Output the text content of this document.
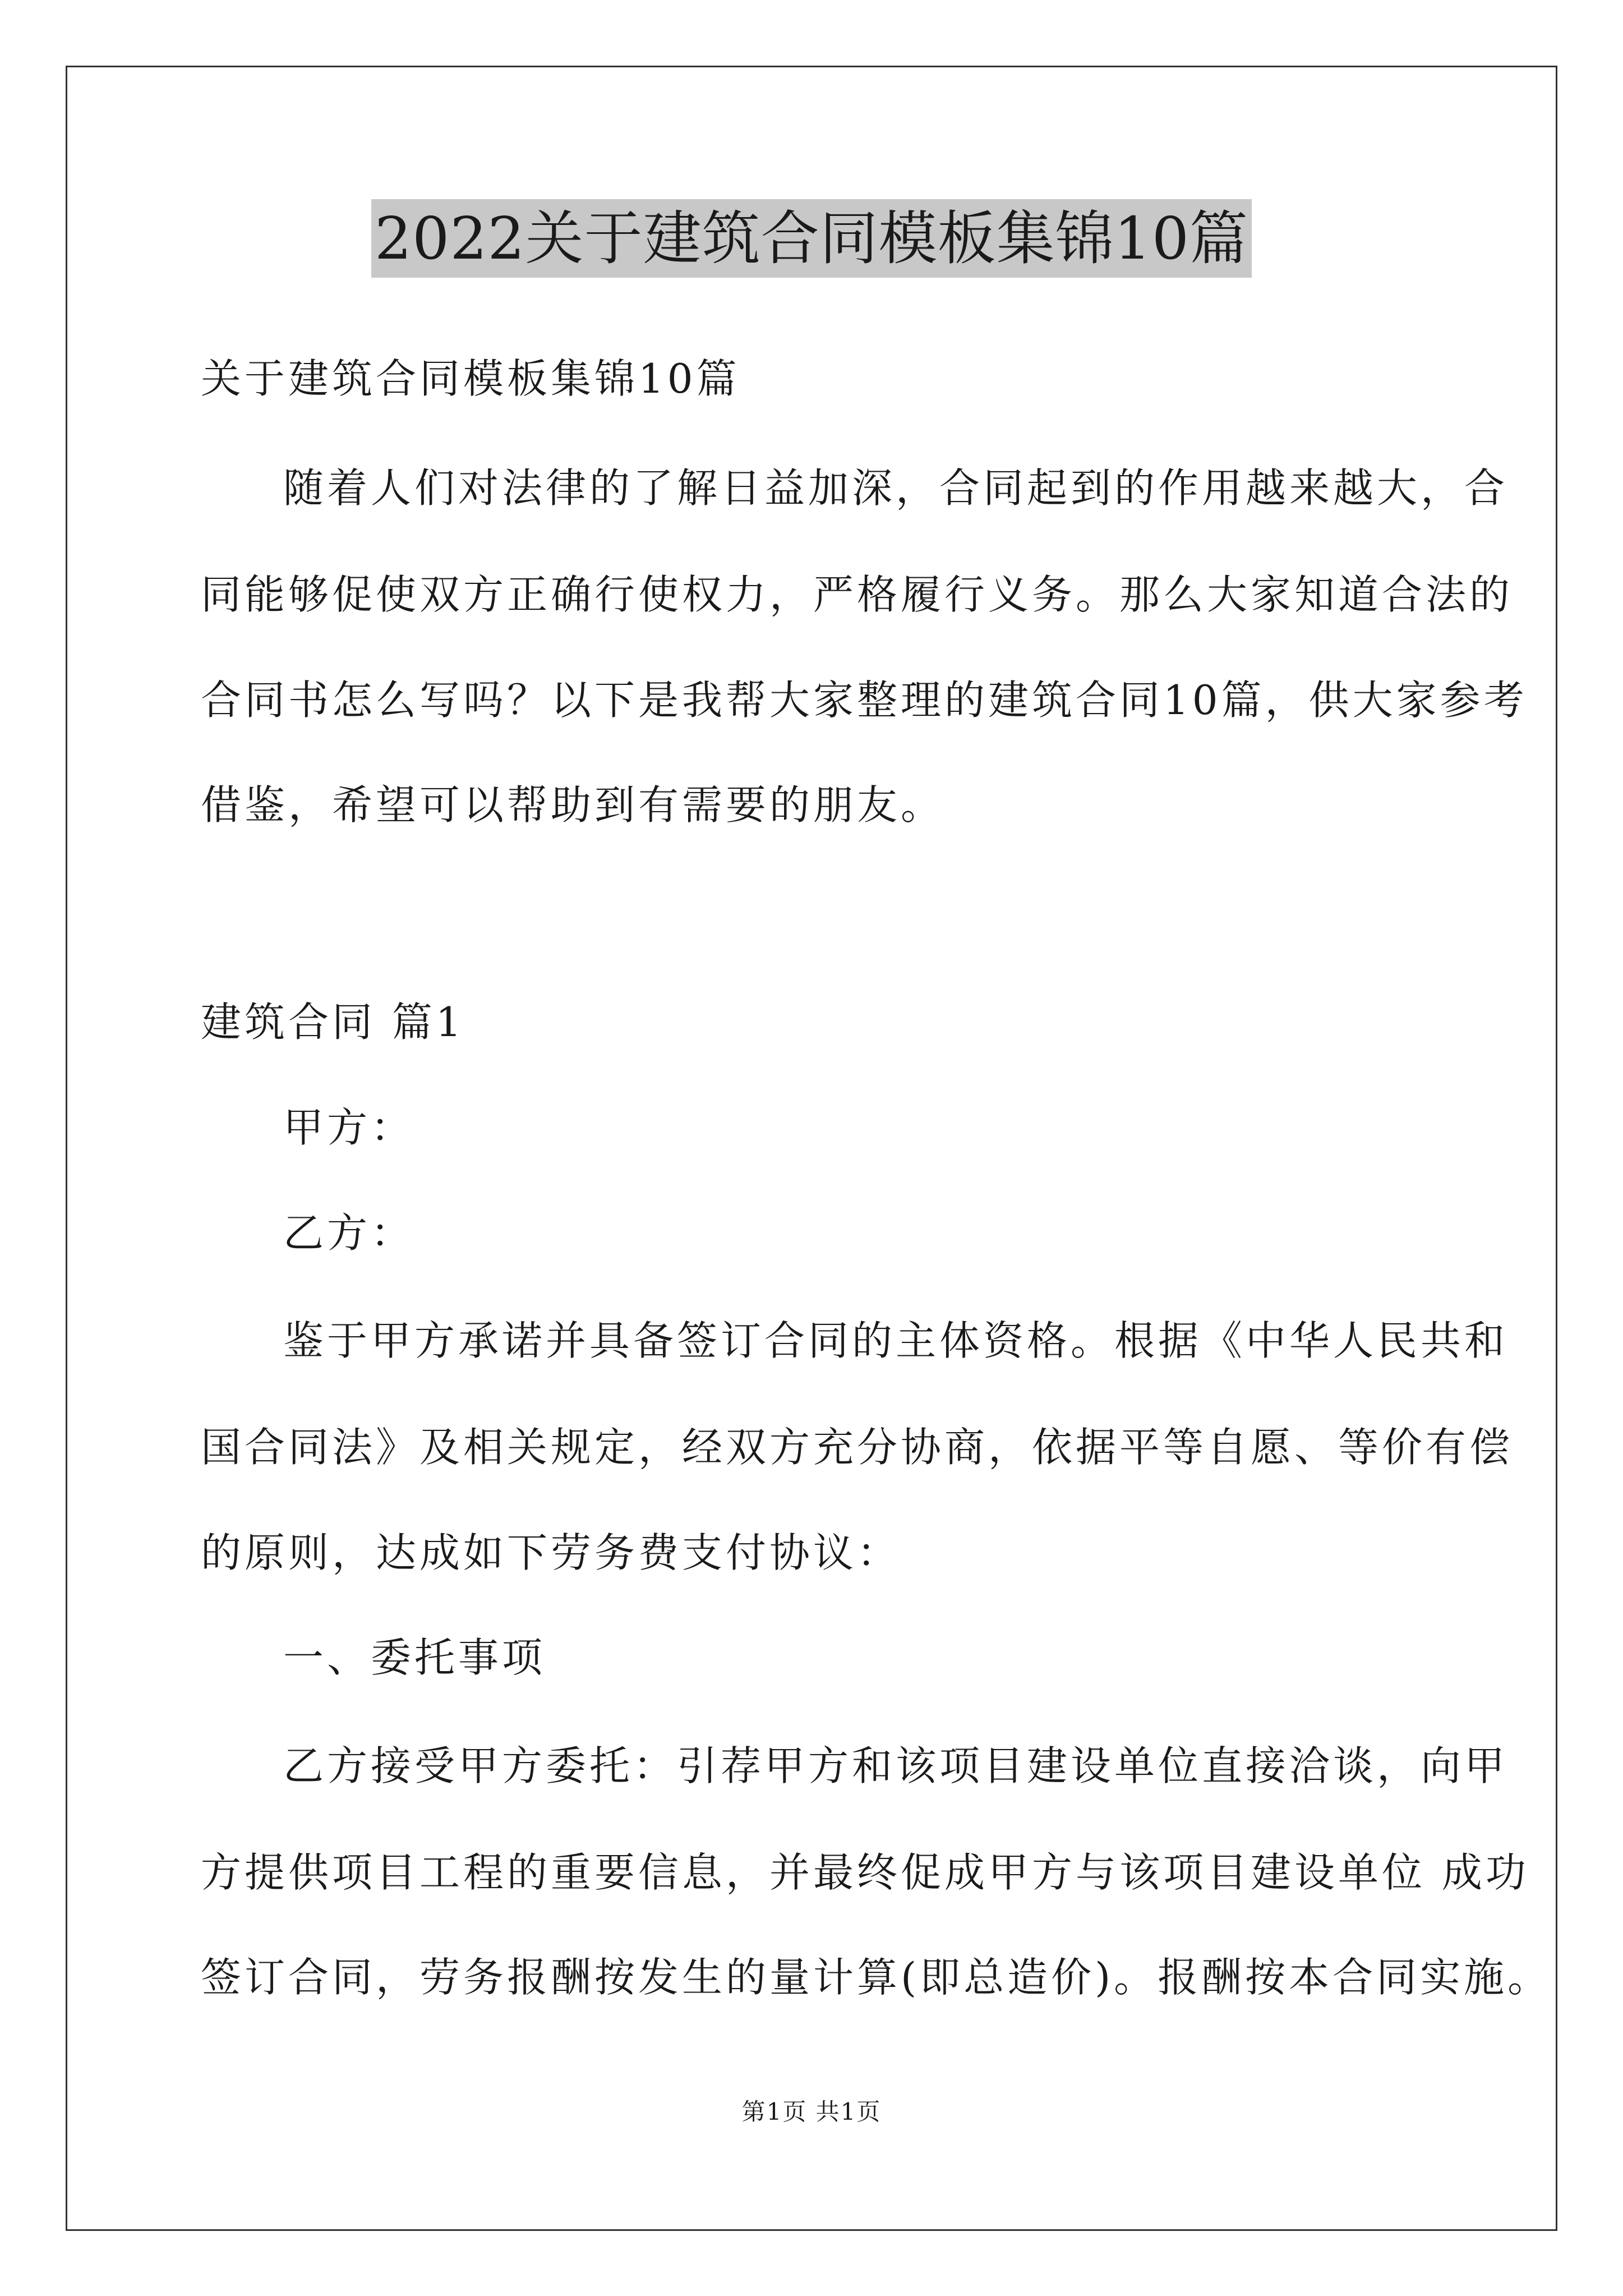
2022关于建筑合同模板集锦10篇
关于建筑合同模板集锦10篇
随着人们对法律的了解日益加深，合同起到的作用越来越大，合
同能够促使双方正确行使权力，严格履行义务。那么大家知道合法的
合同书怎么写吗？以下是我帮大家整理的建筑合同10篇，供大家参考
借鉴，希望可以帮助到有需要的朋友。
建筑合同 篇1
甲方：
乙方：
鉴于甲方承诺并具备签订合同的主体资格。根据《中华人民共和
国合同法》及相关规定，经双方充分协商，依据平等自愿、等价有偿
的原则，达成如下劳务费支付协议：
一、委托事项
乙方接受甲方委托：引荐甲方和该项目建设单位直接洽谈，向甲
方提供项目工程的重要信息，并最终促成甲方与该项目建设单位 成功
签订合同，劳务报酬按发生的量计算(即总造价)。报酬按本合同实施。
第1页 共1页
